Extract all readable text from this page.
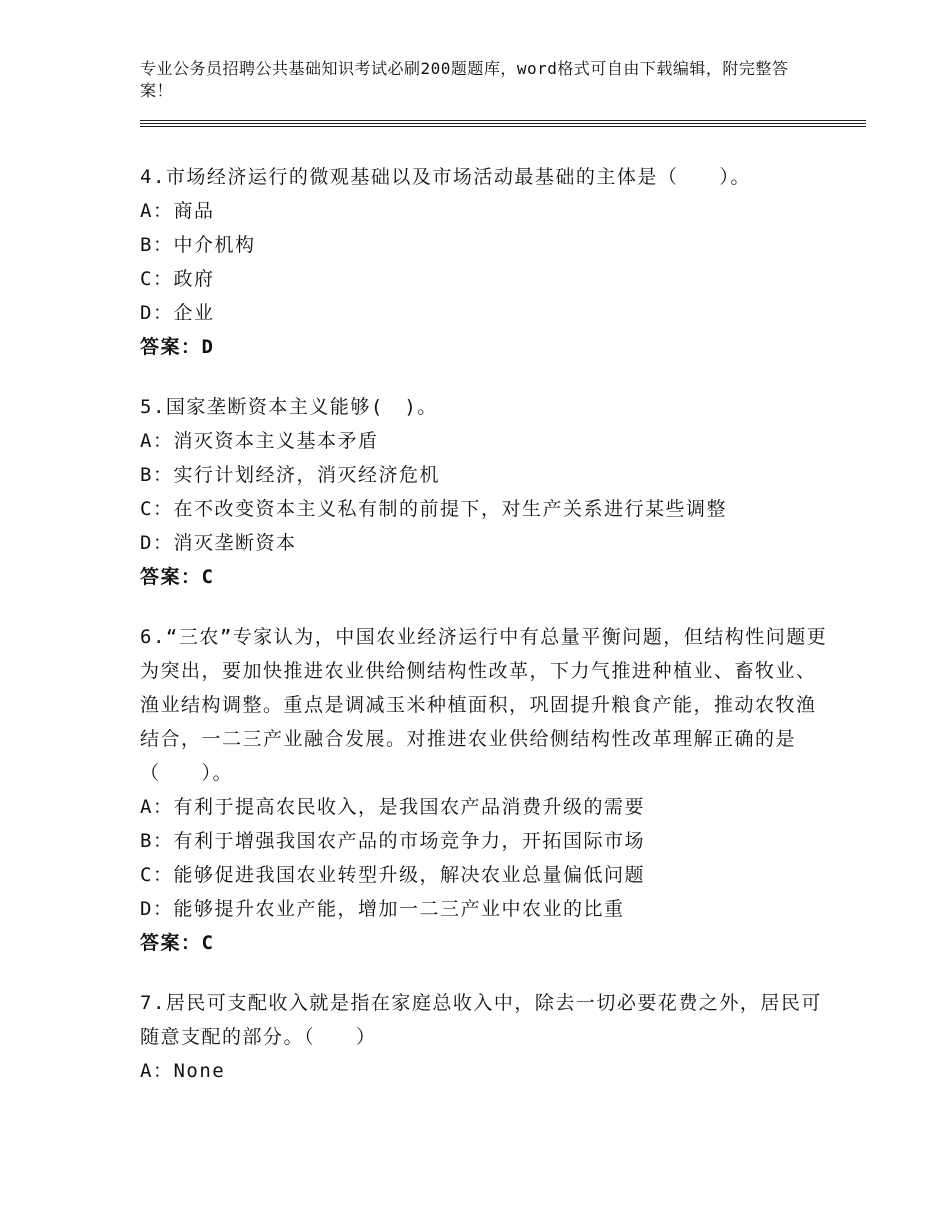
专业公务员招聘公共基础知识考试必刷200题题库，word格式可自由下载编辑，附完整答案！
4.市场经济运行的微观基础以及市场活动最基础的主体是（　　）。
A：商品
B：中介机构
C：政府
D：企业
答案：D
5.国家垄断资本主义能够(　)。
A：消灭资本主义基本矛盾
B：实行计划经济，消灭经济危机
C：在不改变资本主义私有制的前提下，对生产关系进行某些调整
D：消灭垄断资本
答案：C
6.“三农”专家认为，中国农业经济运行中有总量平衡问题，但结构性问题更为突出，要加快推进农业供给侧结构性改革，下力气推进种植业、畜牧业、渔业结构调整。重点是调减玉米种植面积，巩固提升粮食产能，推动农牧渔结合，一二三产业融合发展。对推进农业供给侧结构性改革理解正确的是（　　）。
A：有利于提高农民收入，是我国农产品消费升级的需要
B：有利于增强我国农产品的市场竞争力，开拓国际市场
C：能够促进我国农业转型升级，解决农业总量偏低问题
D：能够提升农业产能，增加一二三产业中农业的比重
答案：C
7.居民可支配收入就是指在家庭总收入中，除去一切必要花费之外，居民可随意支配的部分。（　　）
A：None
